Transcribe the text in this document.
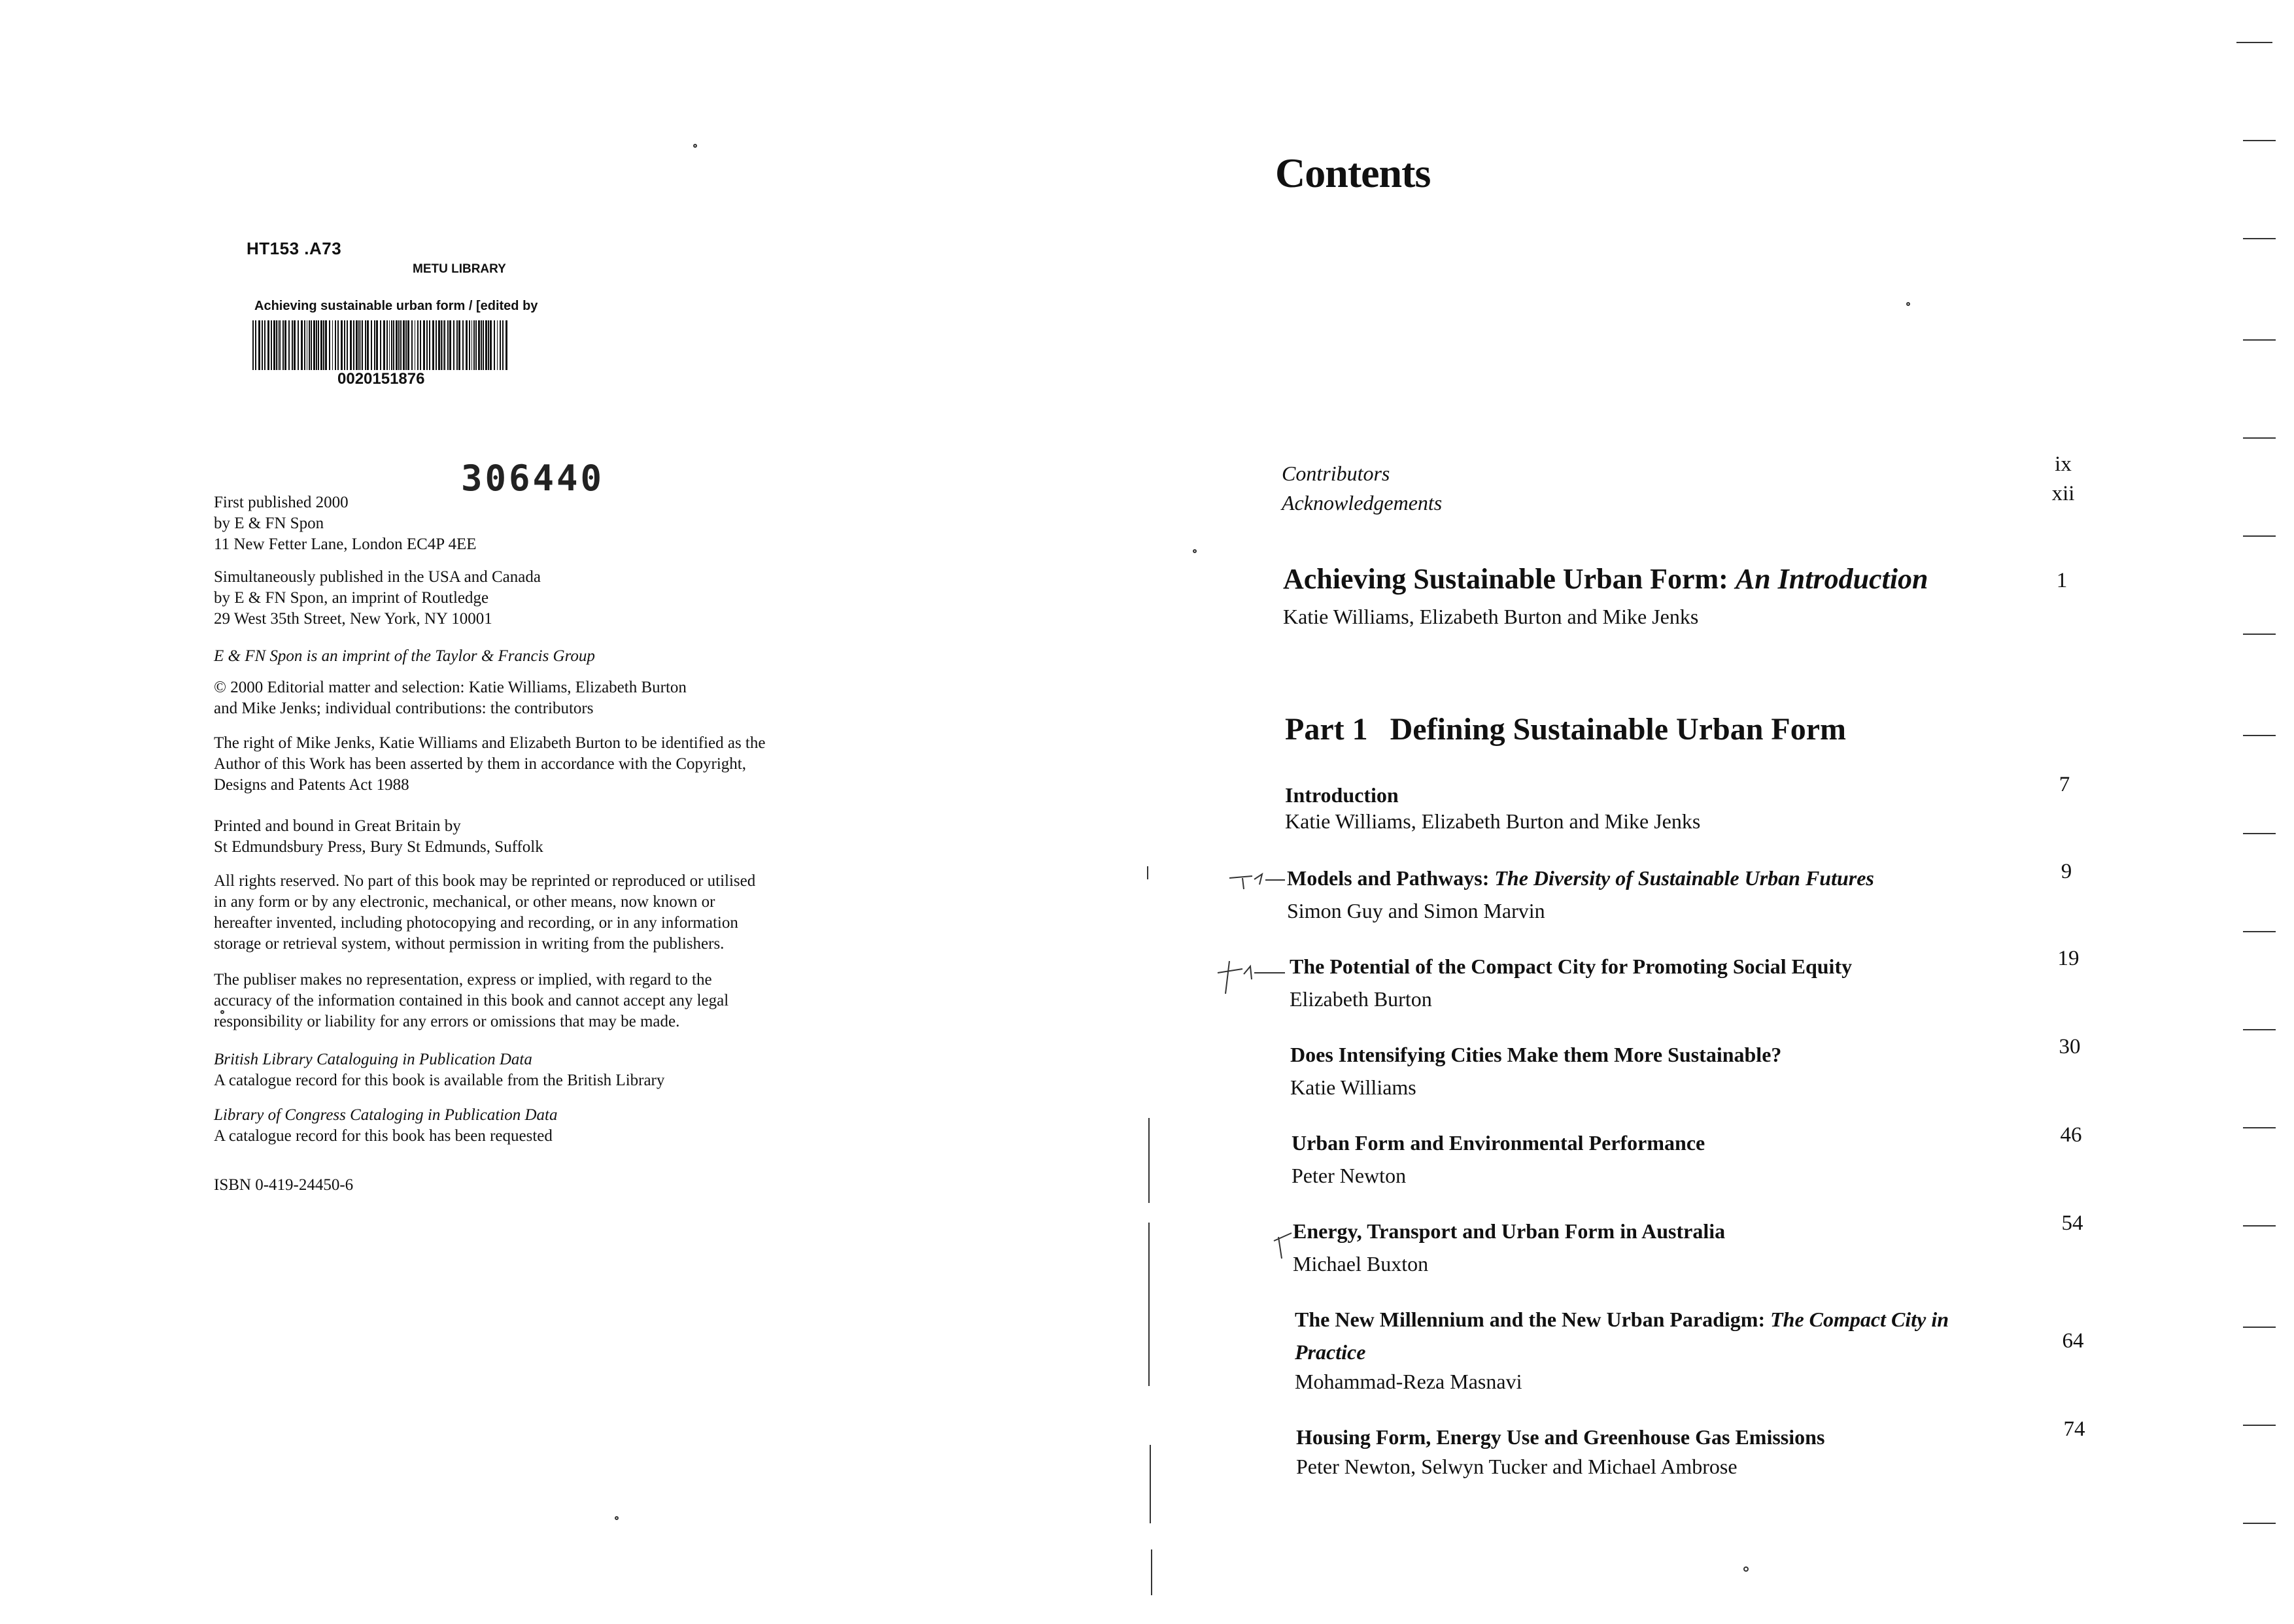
HT153 .A73
METU LIBRARY
Achieving sustainable urban form / [edited by
0020151876
306440

First published 2000

by E & FN Spon

11 New Fetter Lane, London EC4P 4EE

Simultaneously published in the USA and Canada

by E & FN Spon, an imprint of Routledge

29 West 35th Street, New York, NY 10001

E & FN Spon is an imprint of the Taylor & Francis Group

© 2000 Editorial matter and selection: Katie Williams, Elizabeth Burton

and Mike Jenks; individual contributions: the contributors

The right of Mike Jenks, Katie Williams and Elizabeth Burton to be identified as the

Author of this Work has been asserted by them in accordance with the Copyright,

Designs and Patents Act 1988

Printed and bound in Great Britain by

St Edmundsbury Press, Bury St Edmunds, Suffolk

All rights reserved. No part of this book may be reprinted or reproduced or utilised

in any form or by any electronic, mechanical, or other means, now known or

hereafter invented, including photocopying and recording, or in any information

storage or retrieval system, without permission in writing from the publishers.

The publiser makes no representation, express or implied, with regard to the

accuracy of the information contained in this book and cannot accept any legal

responsibility or liability for any errors or omissions that may be made.

British Library Cataloguing in Publication Data

A catalogue record for this book is available from the British Library

Library of Congress Cataloging in Publication Data

A catalogue record for this book has been requested

ISBN 0-419-24450-6

Contents
Contributors	ix
Acknowledgements	xii
Achieving Sustainable Urban Form: An Introduction
Katie Williams, Elizabeth Burton and Mike Jenks
1
Part 1 Defining Sustainable Urban Form
Introduction
Katie Williams, Elizabeth Burton and Mike Jenks
7
Models and Pathways: The Diversity of Sustainable Urban Futures
Simon Guy and Simon Marvin
9
The Potential of the Compact City for Promoting Social Equity
Elizabeth Burton
19
Does Intensifying Cities Make them More Sustainable?
Katie Williams
30
Urban Form and Environmental Performance
Peter Newton
46
Energy, Transport and Urban Form in Australia
Michael Buxton
54
The New Millennium and the New Urban Paradigm: The Compact City in
Practice
Mohammad-Reza Masnavi
64
Housing Form, Energy Use and Greenhouse Gas Emissions
Peter Newton, Selwyn Tucker and Michael Ambrose
74
